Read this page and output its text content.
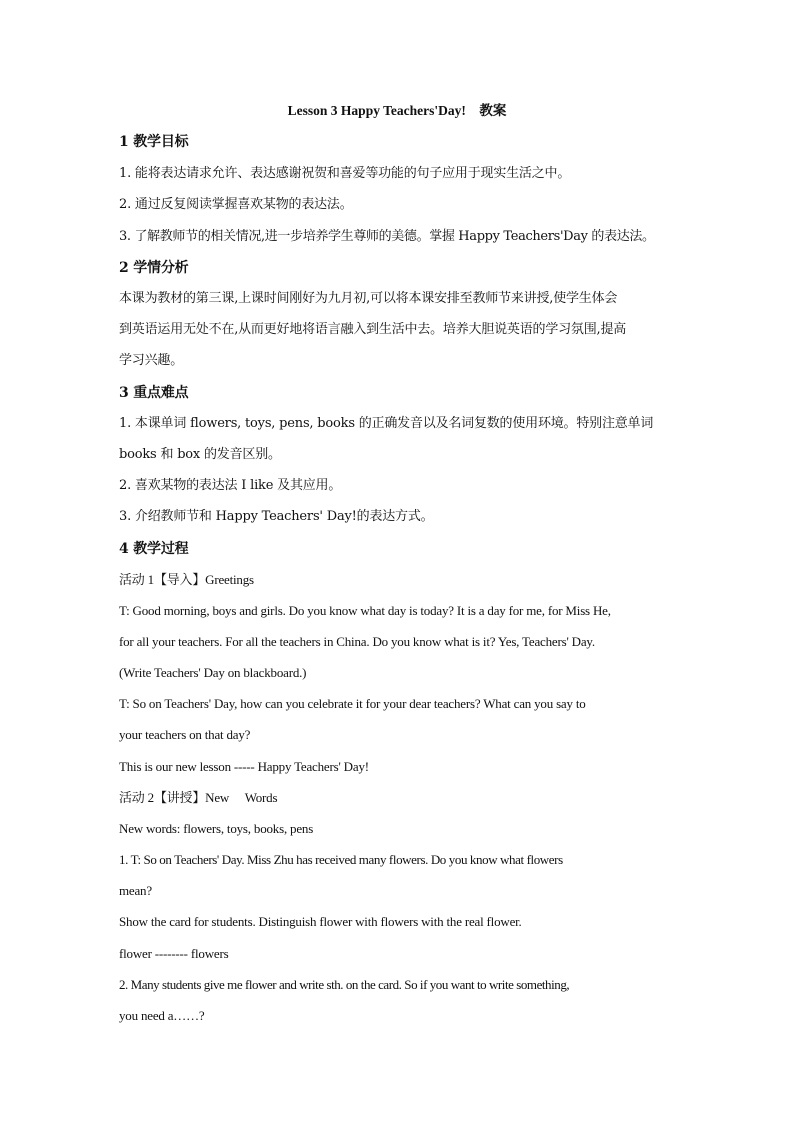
Lesson 3 Happy Teachers'Day!　教案

1 教学目标

1. 能将表达请求允许、表达感谢祝贺和喜爱等功能的句子应用于现实生活之中。

2. 通过反复阅读掌握喜欢某物的表达法。

3. 了解教师节的相关情况,进一步培养学生尊师的美德。掌握 Happy Teachers'Day 的表达法。

2 学情分析

本课为教材的第三课,上课时间刚好为九月初,可以将本课安排至教师节来讲授,使学生体会

到英语运用无处不在,从而更好地将语言融入到生活中去。培养大胆说英语的学习氛围,提高

学习兴趣。

3 重点难点

1. 本课单词 flowers, toys, pens, books 的正确发音以及名词复数的使用环境。特别注意单词

books 和 box 的发音区别。

2. 喜欢某物的表达法 I like 及其应用。

3. 介绍教师节和 Happy Teachers' Day!的表达方式。

4 教学过程

活动 1【导入】Greetings

T: Good morning, boys and girls. Do you know what day is today? It is a day for me, for Miss He,

for all your teachers. For all the teachers in China. Do you know what is it? Yes, Teachers' Day.

(Write Teachers' Day on blackboard.)

T: So on Teachers' Day, how can you celebrate it for your dear teachers? What can you say to

your teachers on that day?

This is our new lesson ----- Happy Teachers' Day!

活动 2【讲授】New　 Words

New words: flowers, toys, books, pens

1. T: So on Teachers' Day. Miss Zhu has received many flowers. Do you know what flowers

mean?

Show the card for students. Distinguish flower with flowers with the real flower.

flower -------- flowers

2. Many students give me flower and write sth. on the card. So if you want to write something,

you need a……?
